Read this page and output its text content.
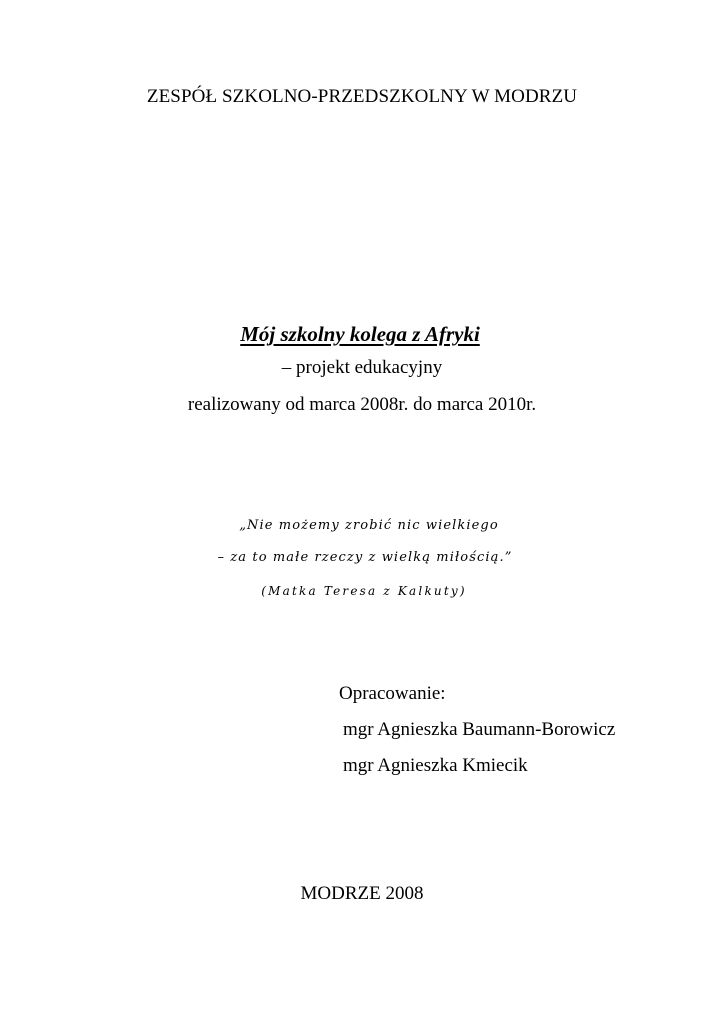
ZESPÓŁ SZKOLNO-PRZEDSZKOLNY W MODRZU
Mój szkolny kolega z Afryki
– projekt edukacyjny
realizowany od marca 2008r. do marca 2010r.
„Nie możemy zrobić nic wielkiego
– za to małe rzeczy z wielką miłością.”
(Matka Teresa z Kalkuty)
Opracowanie:
mgr Agnieszka Baumann-Borowicz
mgr Agnieszka Kmiecik
MODRZE 2008
